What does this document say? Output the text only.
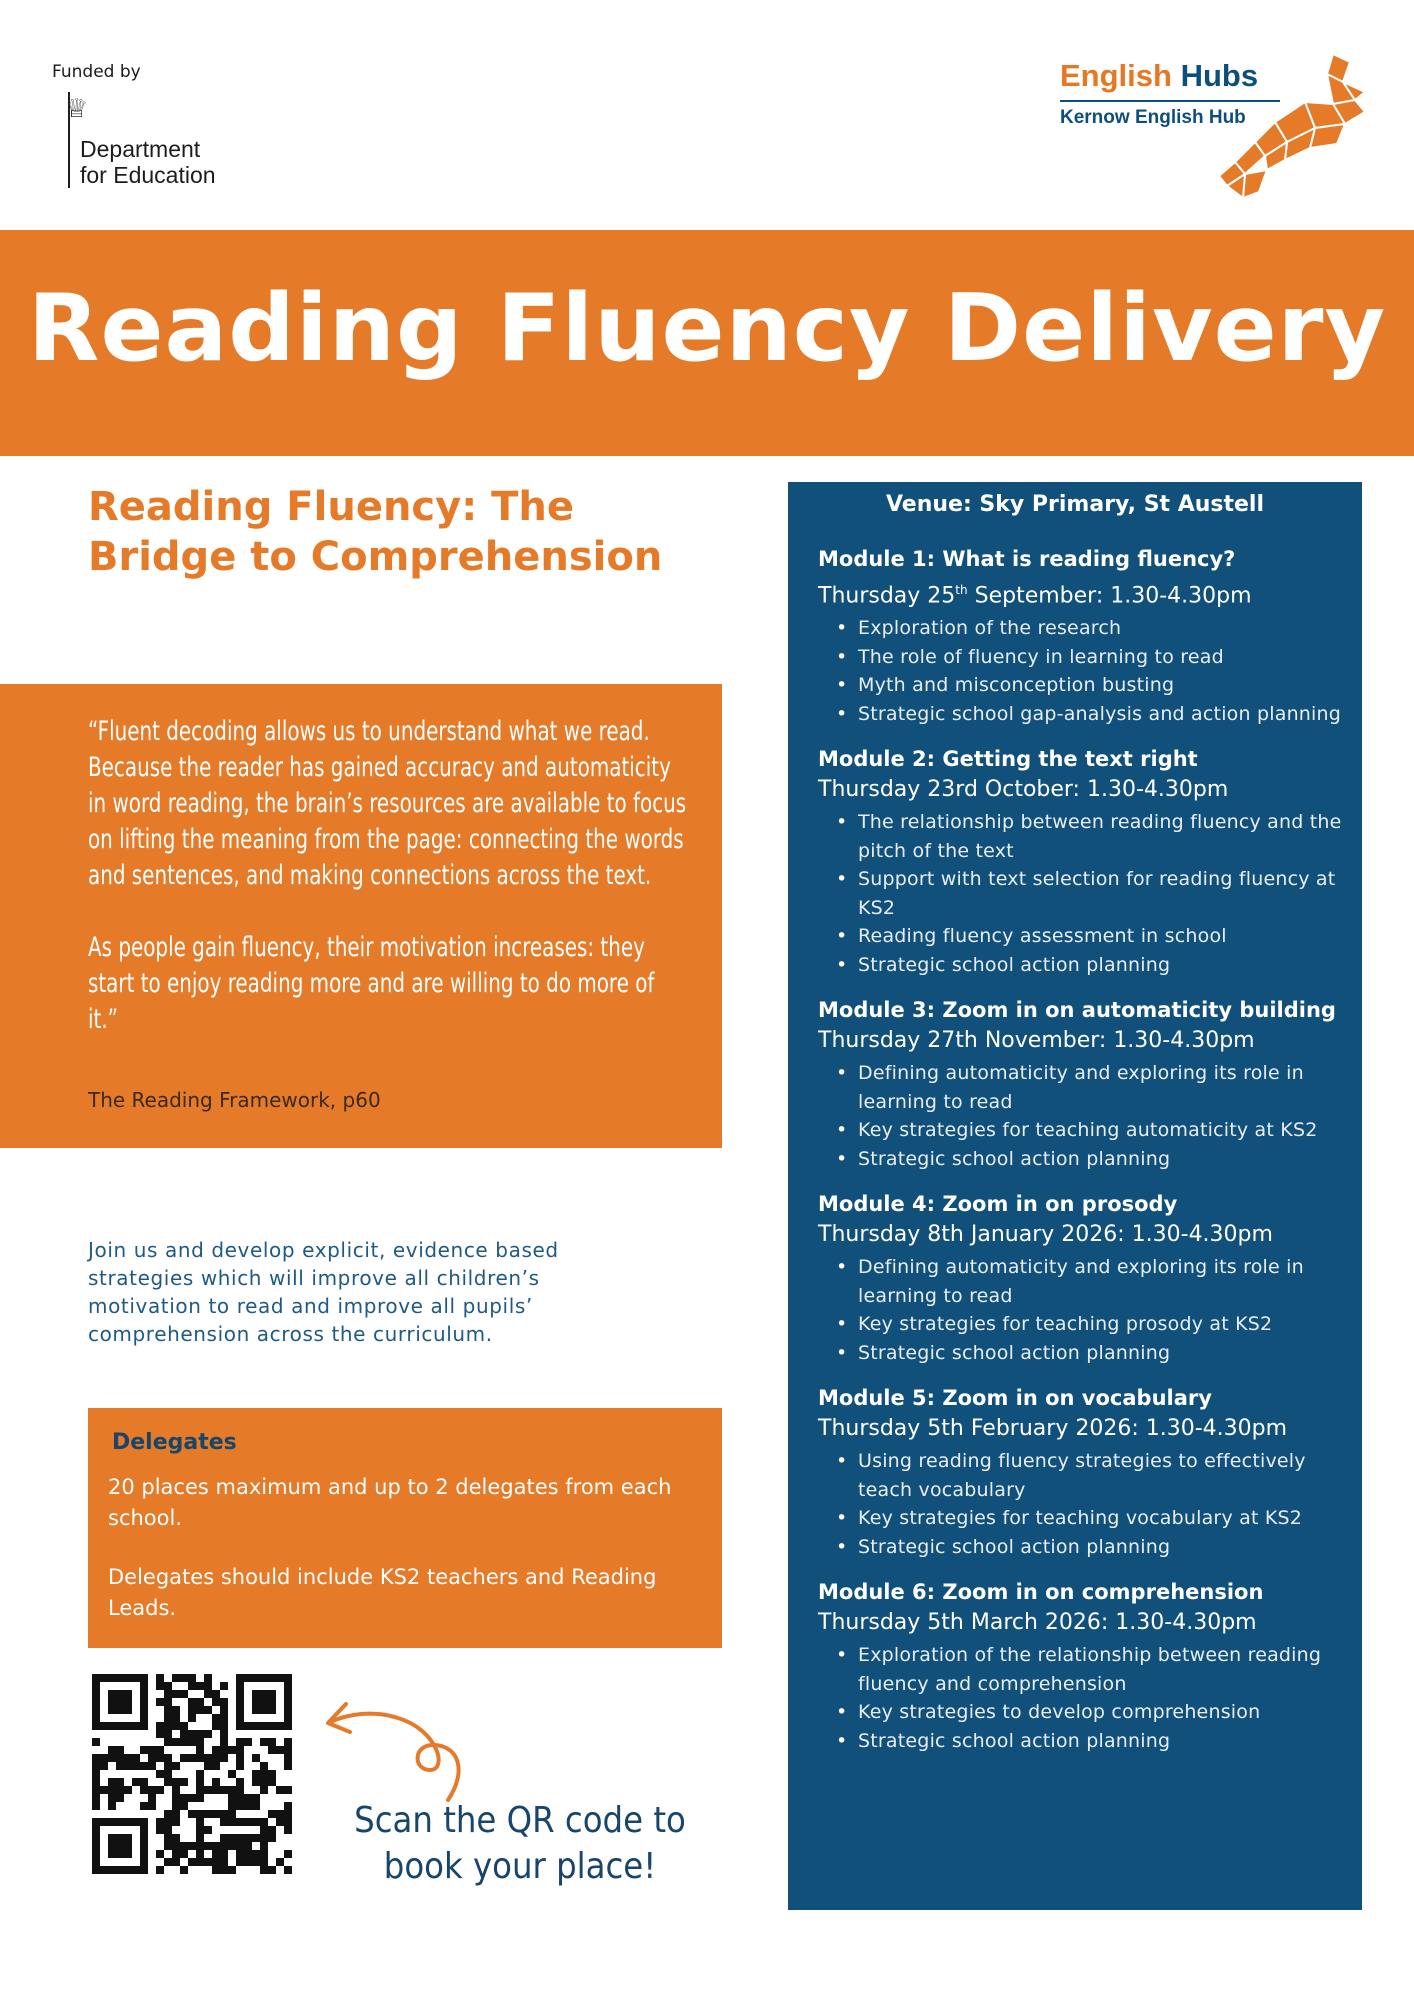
Funded by
♕
Department
for Education
English Hubs
Kernow English Hub
Reading Fluency Delivery
Reading Fluency: The Bridge to Comprehension

“Fluent decoding allows us to understand what we read. Because the reader has gained accuracy and automaticity in word reading, the brain’s resources are available to focus on lifting the meaning from the page: connecting the words and sentences, and making connections across the text.

As people gain fluency, their motivation increases: they start to enjoy reading more and are willing to do more of it.”

The Reading Framework, p60
Join us and develop explicit, evidence based strategies which will improve all children’s motivation to read and improve all pupils’ comprehension across the curriculum.
Delegates

20 places maximum and up to 2 delegates from each school.

Delegates should include KS2 teachers and Reading Leads.

Scan the QR code to book your place!
Venue: Sky Primary, St Austell
Module 1: What is reading fluency?
Thursday 25th September: 1.30-4.30pm
• Exploration of the research
• The role of fluency in learning to read
• Myth and misconception busting
• Strategic school gap-analysis and action planning
Module 2: Getting the text right
Thursday 23rd October: 1.30-4.30pm
• The relationship between reading fluency and the pitch of the text
• Support with text selection for reading fluency at KS2
• Reading fluency assessment in school
• Strategic school action planning
Module 3: Zoom in on automaticity building
Thursday 27th November: 1.30-4.30pm
• Defining automaticity and exploring its role in learning to read
• Key strategies for teaching automaticity at KS2
• Strategic school action planning
Module 4: Zoom in on prosody
Thursday 8th January 2026: 1.30-4.30pm
• Defining automaticity and exploring its role in learning to read
• Key strategies for teaching prosody at KS2
• Strategic school action planning
Module 5: Zoom in on vocabulary
Thursday 5th February 2026: 1.30-4.30pm
• Using reading fluency strategies to effectively teach vocabulary
• Key strategies for teaching vocabulary at KS2
• Strategic school action planning
Module 6: Zoom in on comprehension
Thursday 5th March 2026: 1.30-4.30pm
• Exploration of the relationship between reading fluency and comprehension
• Key strategies to develop comprehension
• Strategic school action planning
